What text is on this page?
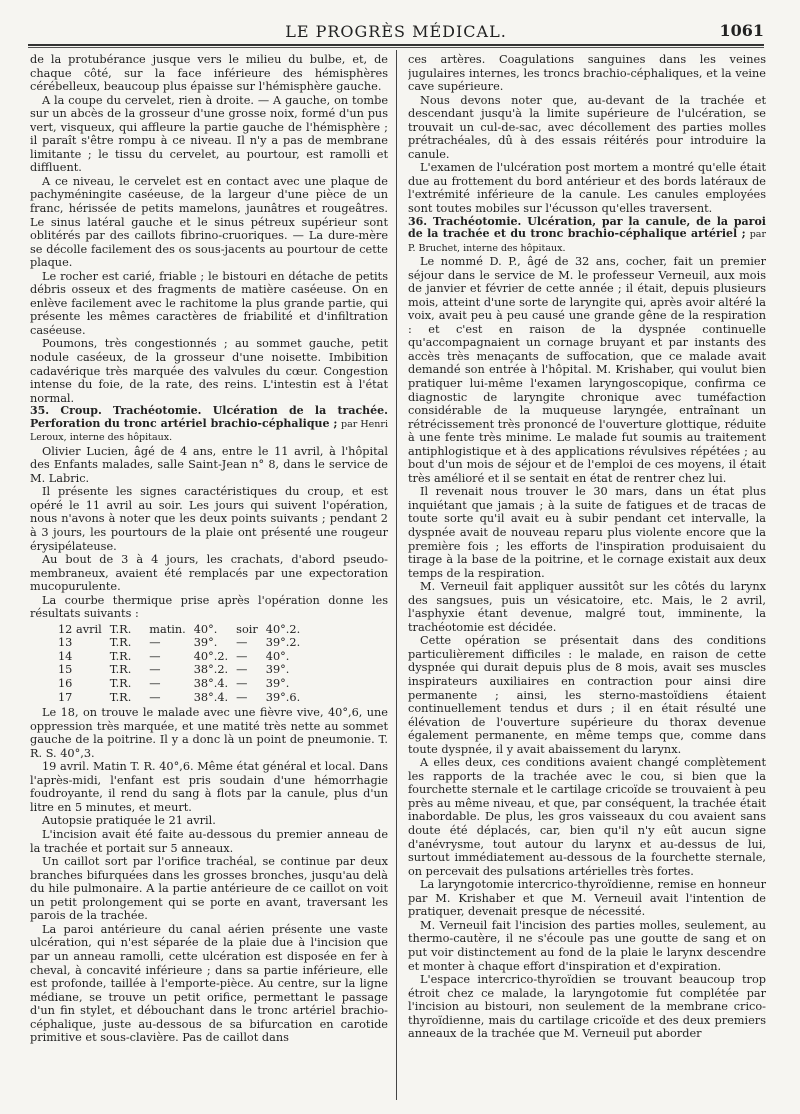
LE PROGRÈS MÉDICAL.	1061

de la protubérance jusque vers le milieu du bulbe, et, de chaque côté, sur la face inférieure des hémisphères cérébelleux, beaucoup plus épaisse sur l'hémisphère gauche.

A la coupe du cervelet, rien à droite. — A gauche, on tombe sur un abcès de la grosseur d'une grosse noix, formé d'un pus vert, visqueux, qui affleure la partie gauche de l'hémisphère ; il paraît s'être rompu à ce niveau. Il n'y a pas de membrane limitante ; le tissu du cervelet, au pourtour, est ramolli et diffluent.

A ce niveau, le cervelet est en contact avec une plaque de pachyméningite caséeuse, de la largeur d'une pièce de un franc, hérissée de petits mamelons, jaunâtres et rougeâtres. Le sinus latéral gauche et le sinus pétreux supérieur sont oblitérés par des caillots fibrino-cruoriques. — La dure-mère se décolle facilement des os sous-jacents au pourtour de cette plaque.

Le rocher est carié, friable ; le bistouri en détache de petits débris osseux et des fragments de matière caséeuse. On en enlève facilement avec le rachitome la plus grande partie, qui présente les mêmes caractères de friabilité et d'infiltration caséeuse.

Poumons, très congestionnés ; au sommet gauche, petit nodule caséeux, de la grosseur d'une noisette. Imbibition cadavérique très marquée des valvules du cœur. Congestion intense du foie, de la rate, des reins. L'intestin est à l'état normal.

35. Croup. Trachéotomie. Ulcération de la trachée. Perforation du tronc artériel brachio-céphalique ; par Henri Leroux, interne des hôpitaux.

Olivier Lucien, âgé de 4 ans, entre le 11 avril, à l'hôpital des Enfants malades, salle Saint-Jean n° 8, dans le service de M. Labric.

Il présente les signes caractéristiques du croup, et est opéré le 11 avril au soir. Les jours qui suivent l'opération, nous n'avons à noter que les deux points suivants ; pendant 2 à 3 jours, les pourtours de la plaie ont présenté une rougeur érysipélateuse.

Au bout de 3 à 4 jours, les crachats, d'abord pseudo-membraneux, avaient été remplacés par une expectoration mucopurulente.

La courbe thermique prise après l'opération donne les résultats suivants :

12 avril	T.R.	matin.	40°.	soir	40°.2.
13	T.R.	—	39°.	—	39°.2.
14	T.R.	—	40°.2.	—	40°.
15	T.R.	—	38°.2.	—	39°.
16	T.R.	—	38°.4.	—	39°.
17	T.R.	—	38°.4.	—	39°.6.

Le 18, on trouve le malade avec une fièvre vive, 40°,6, une oppression très marquée, et une matité très nette au sommet gauche de la poitrine. Il y a donc là un point de pneumonie. T. R. S. 40°,3.

19 avril. Matin T. R. 40°,6. Même état général et local. Dans l'après-midi, l'enfant est pris soudain d'une hémorrhagie foudroyante, il rend du sang à flots par la canule, plus d'un litre en 5 minutes, et meurt.

Autopsie pratiquée le 21 avril.

L'incision avait été faite au-dessous du premier anneau de la trachée et portait sur 5 anneaux.

Un caillot sort par l'orifice trachéal, se continue par deux branches bifurquées dans les grosses bronches, jusqu'au delà du hile pulmonaire. A la partie antérieure de ce caillot on voit un petit prolongement qui se porte en avant, traversant les parois de la trachée.

La paroi antérieure du canal aérien présente une vaste ulcération, qui n'est séparée de la plaie due à l'incision que par un anneau ramolli, cette ulcération est disposée en fer à cheval, à concavité inférieure ; dans sa partie inférieure, elle est profonde, taillée à l'emporte-pièce. Au centre, sur la ligne médiane, se trouve un petit orifice, permettant le passage d'un fin stylet, et débouchant dans le tronc artériel brachio-céphalique, juste au-dessous de sa bifurcation en carotide primitive et sous-clavière. Pas de caillot dans

ces artères. Coagulations sanguines dans les veines jugulaires internes, les troncs brachio-céphaliques, et la veine cave supérieure.

Nous devons noter que, au-devant de la trachée et descendant jusqu'à la limite supérieure de l'ulcération, se trouvait un cul-de-sac, avec décollement des parties molles prétrachéales, dû à des essais réitérés pour introduire la canule.

L'examen de l'ulcération post mortem a montré qu'elle était due au frottement du bord antérieur et des bords latéraux de l'extrémité inférieure de la canule. Les canules employées sont toutes mobiles sur l'écusson qu'elles traversent.

36. Trachéotomie. Ulcération, par la canule, de la paroi de la trachée et du tronc brachio-céphalique artériel ; par P. Bruchet, interne des hôpitaux.

Le nommé D. P., âgé de 32 ans, cocher, fait un premier séjour dans le service de M. le professeur Verneuil, aux mois de janvier et février de cette année ; il était, depuis plusieurs mois, atteint d'une sorte de laryngite qui, après avoir altéré la voix, avait peu à peu causé une grande gêne de la respiration : et c'est en raison de la dyspnée continuelle qu'accompagnaient un cornage bruyant et par instants des accès très menaçants de suffocation, que ce malade avait demandé son entrée à l'hôpital. M. Krishaber, qui voulut bien pratiquer lui-même l'examen laryngoscopique, confirma ce diagnostic de laryngite chronique avec tuméfaction considérable de la muqueuse laryngée, entraînant un rétrécissement très prononcé de l'ouverture glottique, réduite à une fente très minime. Le malade fut soumis au traitement antiphlogistique et à des applications révulsives répétées ; au bout d'un mois de séjour et de l'emploi de ces moyens, il était très amélioré et il se sentait en état de rentrer chez lui.

Il revenait nous trouver le 30 mars, dans un état plus inquiétant que jamais ; à la suite de fatigues et de tracas de toute sorte qu'il avait eu à subir pendant cet intervalle, la dyspnée avait de nouveau reparu plus violente encore que la première fois ; les efforts de l'inspiration produisaient du tirage à la base de la poitrine, et le cornage existait aux deux temps de la respiration.

M. Verneuil fait appliquer aussitôt sur les côtés du larynx des sangsues, puis un vésicatoire, etc. Mais, le 2 avril, l'asphyxie étant devenue, malgré tout, imminente, la trachéotomie est décidée.

Cette opération se présentait dans des conditions particulièrement difficiles : le malade, en raison de cette dyspnée qui durait depuis plus de 8 mois, avait ses muscles inspirateurs auxiliaires en contraction pour ainsi dire permanente ; ainsi, les sterno-mastoïdiens étaient continuellement tendus et durs ; il en était résulté une élévation de l'ouverture supérieure du thorax devenue également permanente, en même temps que, comme dans toute dyspnée, il y avait abaissement du larynx.

A elles deux, ces conditions avaient changé complètement les rapports de la trachée avec le cou, si bien que la fourchette sternale et le cartilage cricoïde se trouvaient à peu près au même niveau, et que, par conséquent, la trachée était inabordable. De plus, les gros vaisseaux du cou avaient sans doute été déplacés, car, bien qu'il n'y eût aucun signe d'anévrysme, tout autour du larynx et au-dessus de lui, surtout immédiatement au-dessous de la fourchette sternale, on percevait des pulsations artérielles très fortes.

La laryngotomie intercrico-thyroïdienne, remise en honneur par M. Krishaber et que M. Verneuil avait l'intention de pratiquer, devenait presque de nécessité.

M. Verneuil fait l'incision des parties molles, seulement, au thermo-cautère, il ne s'écoule pas une goutte de sang et on put voir distinctement au fond de la plaie le larynx descendre et monter à chaque effort d'inspiration et d'expiration.

L'espace intercrico-thyroïdien se trouvant beaucoup trop étroit chez ce malade, la laryngotomie fut complétée par l'incision au bistouri, non seulement de la membrane crico-thyroïdienne, mais du cartilage cricoïde et des deux premiers anneaux de la trachée que M. Verneuil put aborder
